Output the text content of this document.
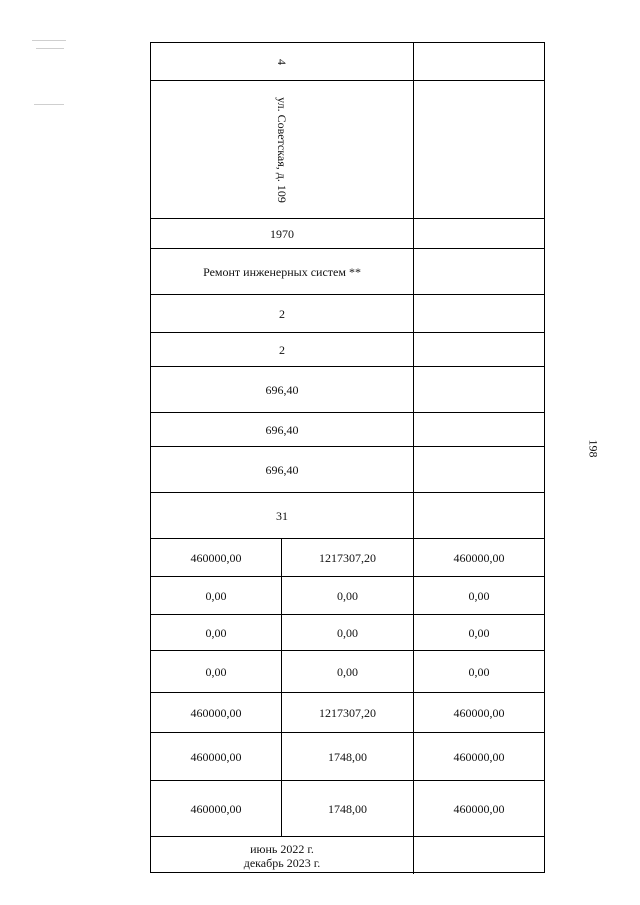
198
4
ул. Советская, д. 109
1970
Ремонт инженерных систем **
2
2
696,40
696,40
696,40
31
460000,00	1217307,20	460000,00
0,00	0,00	0,00
0,00	0,00	0,00
0,00	0,00	0,00
460000,00	1217307,20	460000,00
460000,00	1748,00	460000,00
460000,00	1748,00	460000,00
июнь 2022 г.
декабрь 2023 г.
